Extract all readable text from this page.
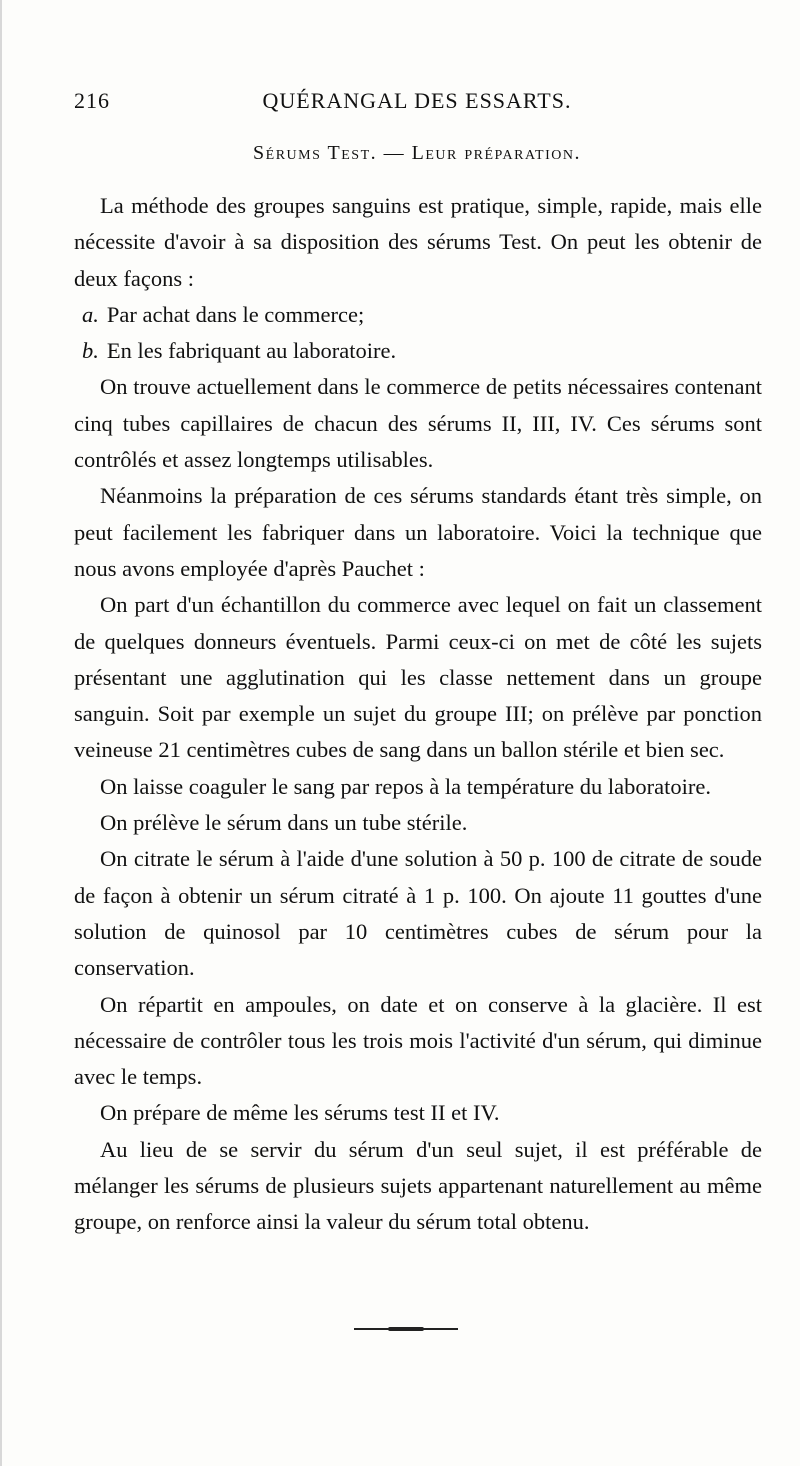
216	QUÉRANGAL DES ESSARTS.
Sérums Test. — Leur préparation.

La méthode des groupes sanguins est pratique, simple, rapide, mais elle nécessite d'avoir à sa disposition des sérums Test. On peut les obtenir de deux façons :

a. Par achat dans le commerce;

b. En les fabriquant au laboratoire.

On trouve actuellement dans le commerce de petits nécessaires contenant cinq tubes capillaires de chacun des sérums II, III, IV. Ces sérums sont contrôlés et assez longtemps utilisables.

Néanmoins la préparation de ces sérums standards étant très simple, on peut facilement les fabriquer dans un laboratoire. Voici la technique que nous avons employée d'après Pauchet :

On part d'un échantillon du commerce avec lequel on fait un classement de quelques donneurs éventuels. Parmi ceux-ci on met de côté les sujets présentant une agglutination qui les classe nettement dans un groupe sanguin. Soit par exemple un sujet du groupe III; on prélève par ponction veineuse 21 centimètres cubes de sang dans un ballon stérile et bien sec.

On laisse coaguler le sang par repos à la température du laboratoire.

On prélève le sérum dans un tube stérile.

On citrate le sérum à l'aide d'une solution à 50 p. 100 de citrate de soude de façon à obtenir un sérum citraté à 1 p. 100. On ajoute 11 gouttes d'une solution de quinosol par 10 centimètres cubes de sérum pour la conservation.

On répartit en ampoules, on date et on conserve à la glacière. Il est nécessaire de contrôler tous les trois mois l'activité d'un sérum, qui diminue avec le temps.

On prépare de même les sérums test II et IV.

Au lieu de se servir du sérum d'un seul sujet, il est préférable de mélanger les sérums de plusieurs sujets appartenant naturellement au même groupe, on renforce ainsi la valeur du sérum total obtenu.
